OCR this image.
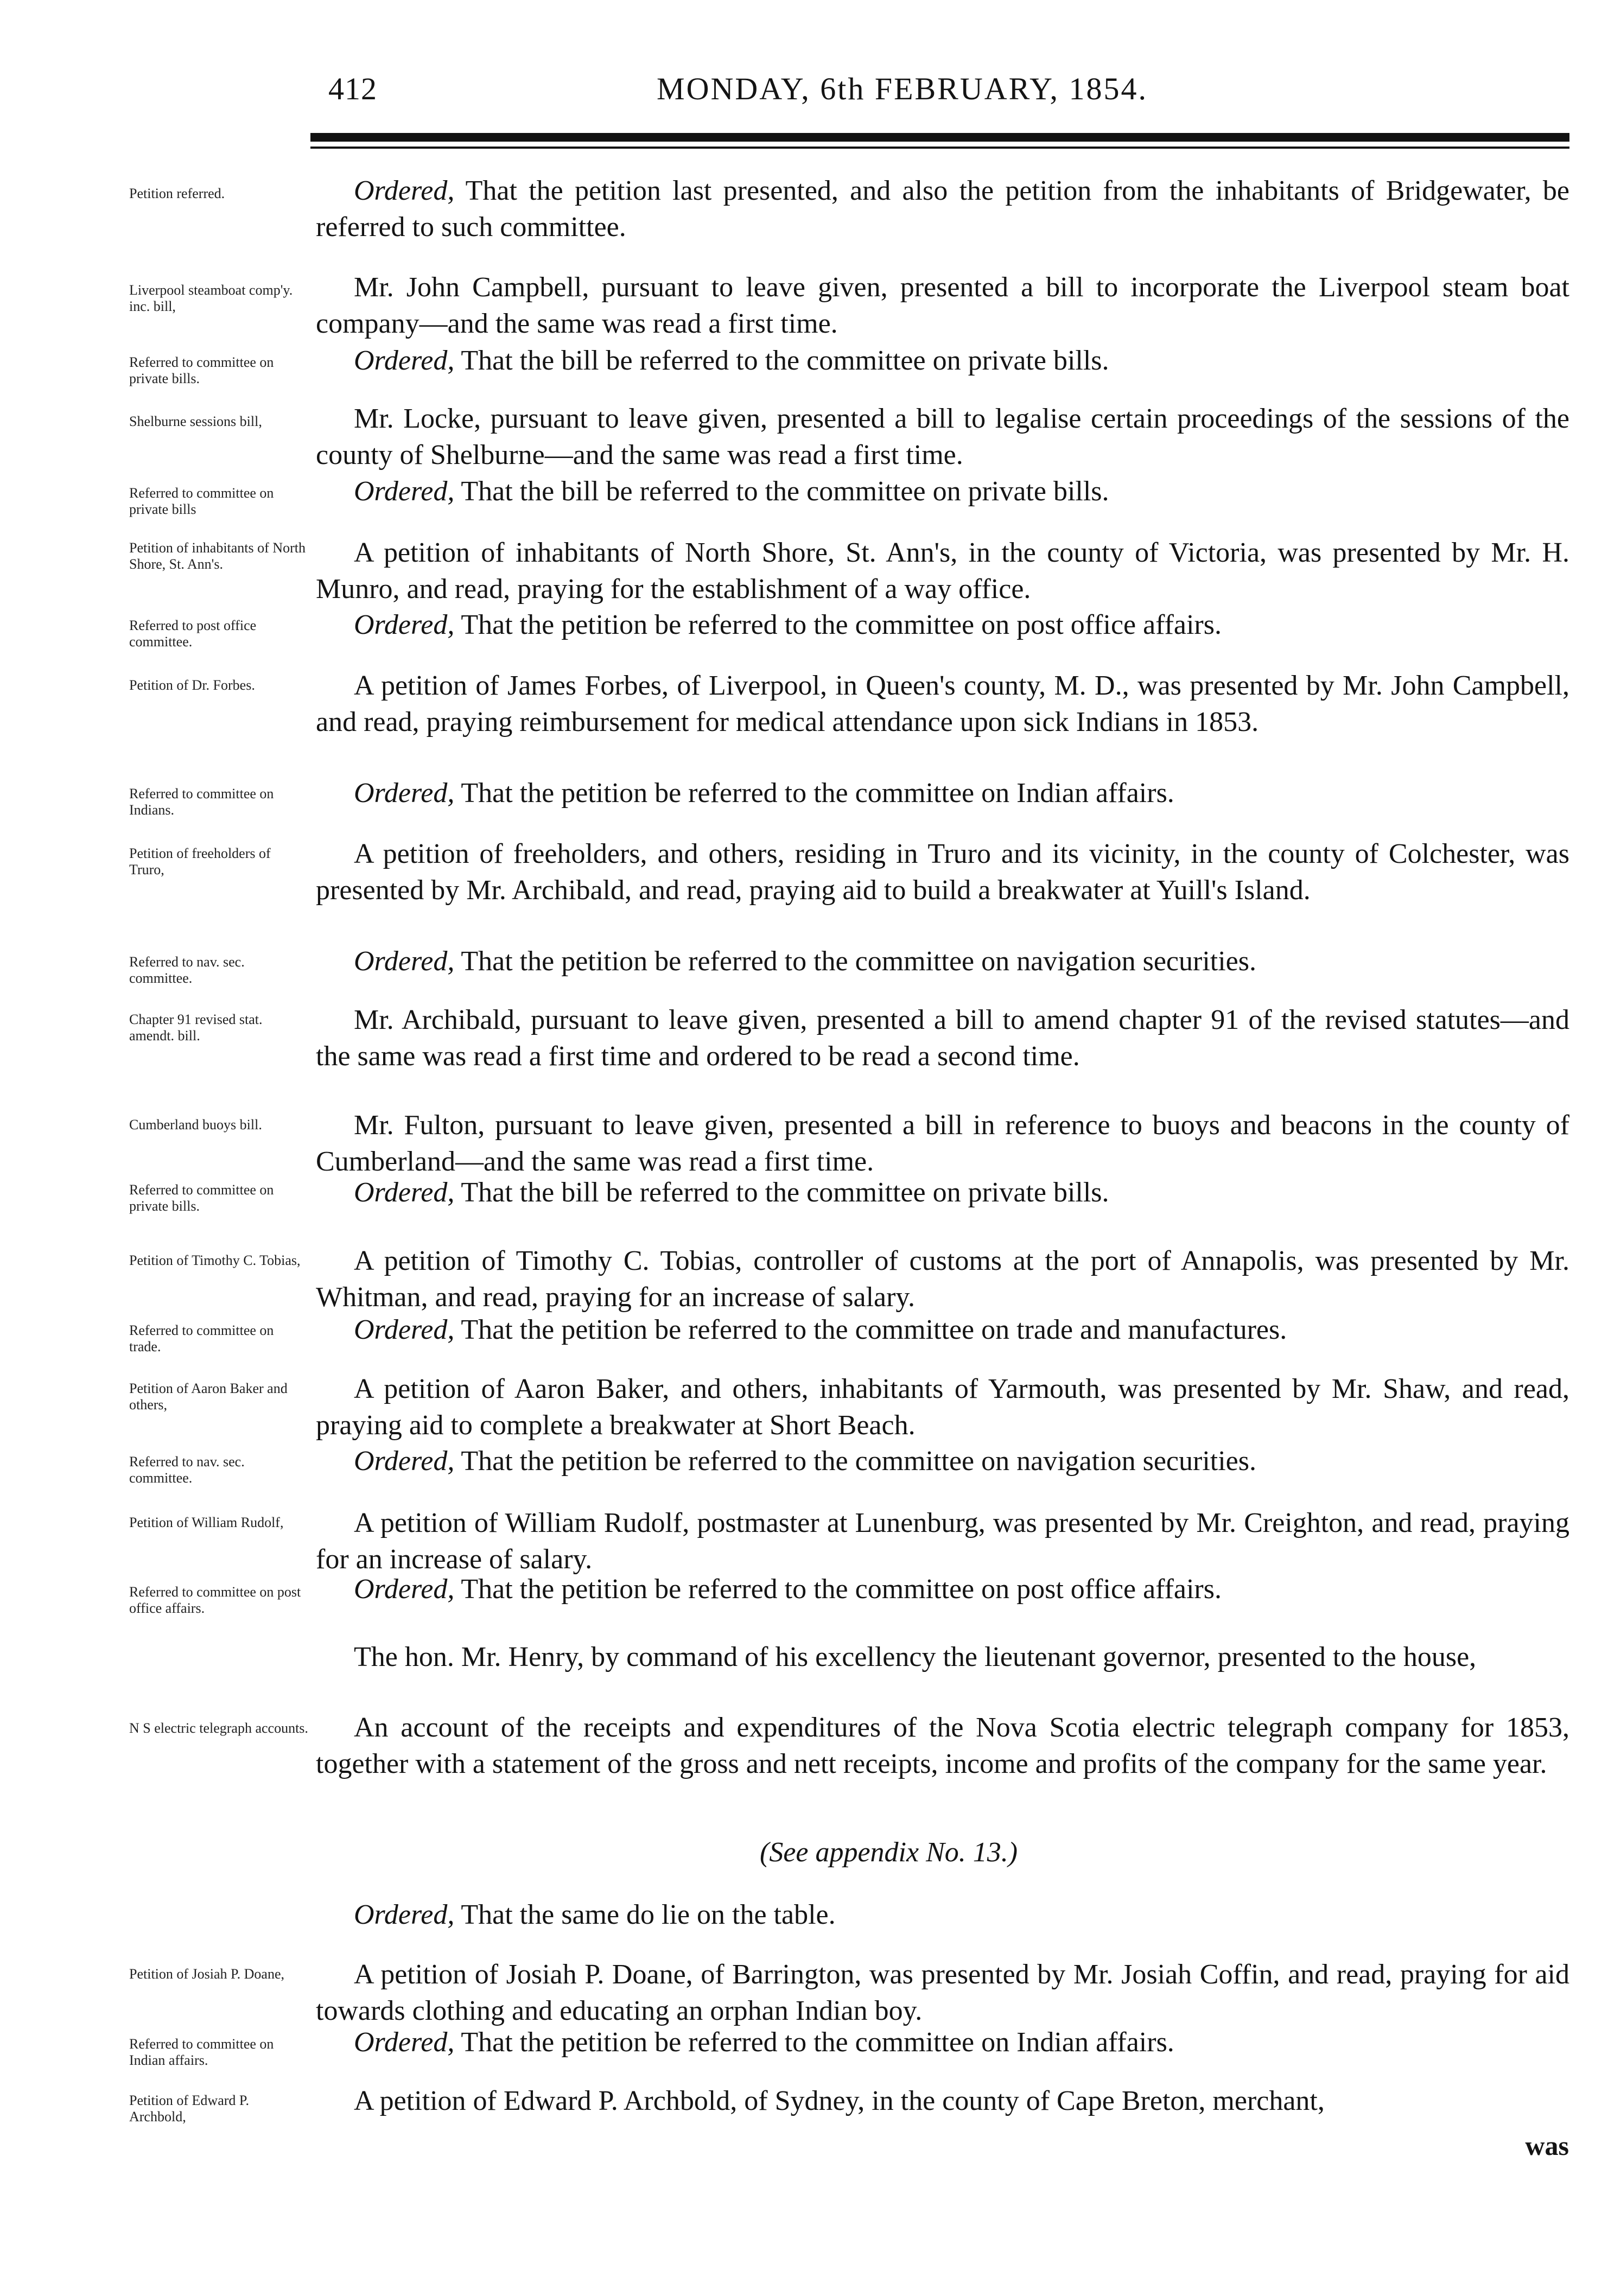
412	MONDAY, 6th FEBRUARY, 1854.
Petition referred.	Ordered, That the petition last presented, and also the petition from the inhabitants of Bridgewater, be referred to such committee.
Liverpool steamboat comp'y. inc. bill,
Mr. John Campbell, pursuant to leave given, presented a bill to incorporate the Liverpool steam boat company—and the same was read a first time.
Referred to committee on private bills.
Ordered, That the bill be referred to the committee on private bills.
Shelburne sessions bill,	Mr. Locke, pursuant to leave given, presented a bill to legalise certain proceedings of the sessions of the county of Shelburne—and the same was read a first time.
Referred to committee on private bills
Ordered, That the bill be referred to the committee on private bills.
Petition of inhabitants of North Shore, St. Ann's.	A petition of inhabitants of North Shore, St. Ann's, in the county of Victoria, was presented by Mr. H. Munro, and read, praying for the establishment of a way office.
Referred to post office committee.
Ordered, That the petition be referred to the committee on post office affairs.
Petition of Dr. Forbes.	A petition of James Forbes, of Liverpool, in Queen's county, M. D., was presented by Mr. John Campbell, and read, praying reimbursement for medical attendance upon sick Indians in 1853.
Referred to committee on Indians.
Ordered, That the petition be referred to the committee on Indian affairs.
Petition of freeholders of Truro,
A petition of freeholders, and others, residing in Truro and its vicinity, in the county of Colchester, was presented by Mr. Archibald, and read, praying aid to build a breakwater at Yuill's Island.
Referred to nav. sec. committee.
Ordered, That the petition be referred to the committee on navigation securities.
Chapter 91 revised stat. amendt. bill.
Mr. Archibald, pursuant to leave given, presented a bill to amend chapter 91 of the revised statutes—and the same was read a first time and ordered to be read a second time.
Cumberland buoys bill.	Mr. Fulton, pursuant to leave given, presented a bill in reference to buoys and beacons in the county of Cumberland—and the same was read a first time.
Referred to committee on private bills.	Ordered, That the bill be referred to the committee on private bills.
Petition of Timothy C. Tobias,	A petition of Timothy C. Tobias, controller of customs at the port of Annapolis, was presented by Mr. Whitman, and read, praying for an increase of salary.
Referred to committee on trade.
Ordered, That the petition be referred to the committee on trade and manufactures.
Petition of Aaron Baker and others,
A petition of Aaron Baker, and others, inhabitants of Yarmouth, was presented by Mr. Shaw, and read, praying aid to complete a breakwater at Short Beach.
Referred to nav. sec. committee.
Ordered, That the petition be referred to the committee on navigation securities.
Petition of William Rudolf,	A petition of William Rudolf, postmaster at Lunenburg, was presented by Mr. Creighton, and read, praying for an increase of salary.
Referred to committee on post office affairs.
Ordered, That the petition be referred to the committee on post office affairs.
The hon. Mr. Henry, by command of his excellency the lieutenant governor, presented to the house,
N S electric telegraph accounts.	An account of the receipts and expenditures of the Nova Scotia electric telegraph company for 1853, together with a statement of the gross and nett receipts, income and profits of the company for the same year.
(See appendix No. 13.)
Ordered, That the same do lie on the table.
Petition of Josiah P. Doane,	A petition of Josiah P. Doane, of Barrington, was presented by Mr. Josiah Coffin, and read, praying for aid towards clothing and educating an orphan Indian boy.
Referred to committee on Indian affairs.
Ordered, That the petition be referred to the committee on Indian affairs.
Petition of Edward P. Archbold,
A petition of Edward P. Archbold, of Sydney, in the county of Cape Breton, merchant,
was
